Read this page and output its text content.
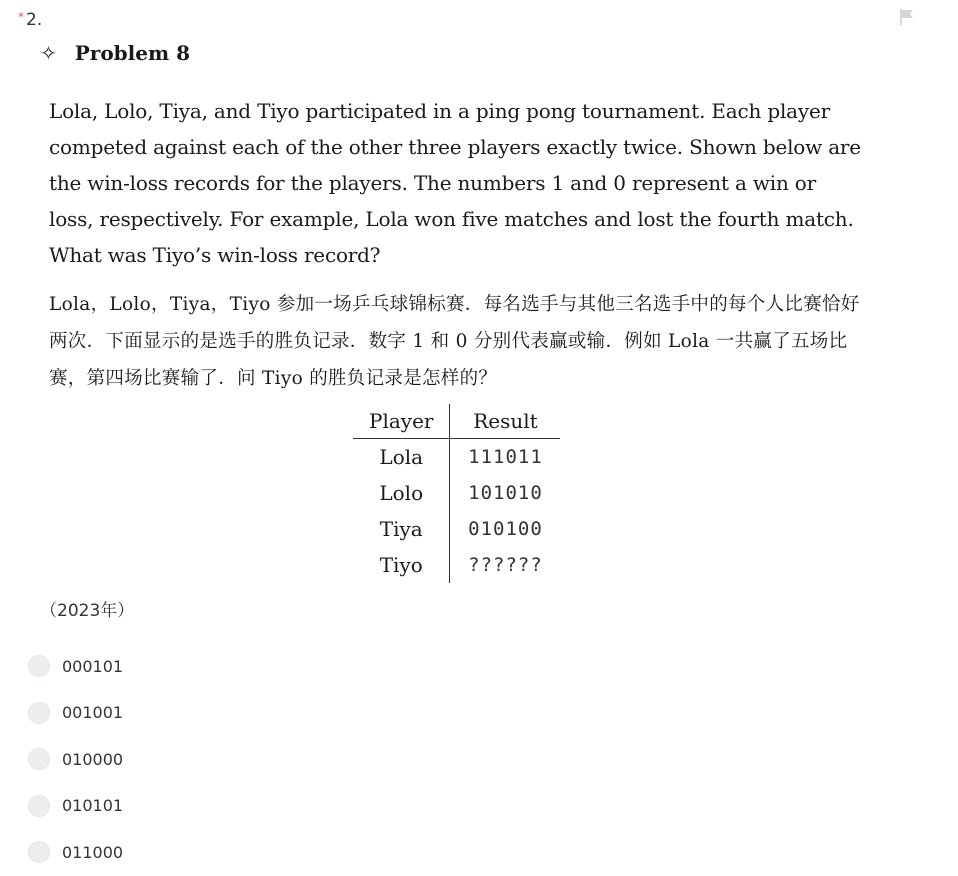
* 2.
✧ Problem 8

Lola, Lolo, Tiya, and Tiyo participated in a ping pong tournament. Each player competed against each of the other three players exactly twice. Shown below are the win-loss records for the players. The numbers 1 and 0 represent a win or loss, respectively. For example, Lola won five matches and lost the fourth match. What was Tiyo’s win-loss record?

Lola，Lolo，Tiya，Tiyo 参加一场乒乓球锦标赛．每名选手与其他三名选手中的每个人比赛恰好两次．下面显示的是选手的胜负记录．数字 1 和 0 分别代表赢或输．例如 Lola 一共赢了五场比赛，第四场比赛输了．问 Tiyo 的胜负记录是怎样的？

Player	Result
Lola	111011
Lolo	101010
Tiya	010100
Tiyo	??????
（2023年）
000101
001001
010000
010101
011000
